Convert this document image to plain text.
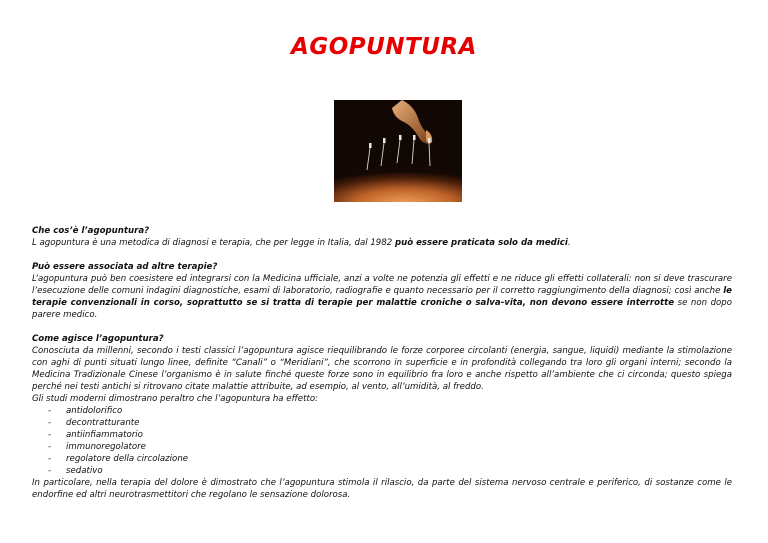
AGOPUNTURA
Che cos’è l’agopuntura?

L agopuntura è una metodica di diagnosi e terapia, che per legge in Italia, dal 1982 può essere praticata solo da medici.

Può essere associata ad altre terapie?

L’agopuntura può ben coesistere ed integrarsi con la Medicina ufficiale, anzi a volte ne potenzia gli effetti e ne riduce gli effetti collaterali: non si deve trascurare l’esecuzione delle comuni indagini diagnostiche, esami di laboratorio, radiografie e quanto necessario per il corretto raggiungimento della diagnosi; così anche le terapie convenzionali in corso, soprattutto se si tratta di terapie per malattie croniche o salva-vita, non devono essere interrotte se non dopo parere medico.

Come agisce l’agopuntura?

Conosciuta da millenni, secondo i testi classici l’agopuntura agisce riequilibrando le forze corporee circolanti (energia, sangue, liquidi) mediante la stimolazione con aghi di punti situati lungo linee, definite “Canali” o “Meridiani”, che scorrono in superficie e in profondità collegando tra loro gli organi interni; secondo la Medicina Tradizionale Cinese l’organismo è in salute finché queste forze sono in equilibrio fra loro e anche rispetto all’ambiente che ci circonda; questo spiega perché nei testi antichi si ritrovano citate malattie attribuite, ad esempio, al vento, all’umidità, al freddo.

Gli studi moderni dimostrano peraltro che l’agopuntura ha effetto:

- antidolorifico
- decontratturante
- antiinfiammatorio
- immunoregolatore
- regolatore della circolazione
- sedativo

In particolare, nella terapia del dolore è dimostrato che l’agopuntura stimola il rilascio, da parte del sistema nervoso centrale e periferico, di sostanze come le endorfine ed altri neurotrasmettitori che regolano le sensazione dolorosa.
